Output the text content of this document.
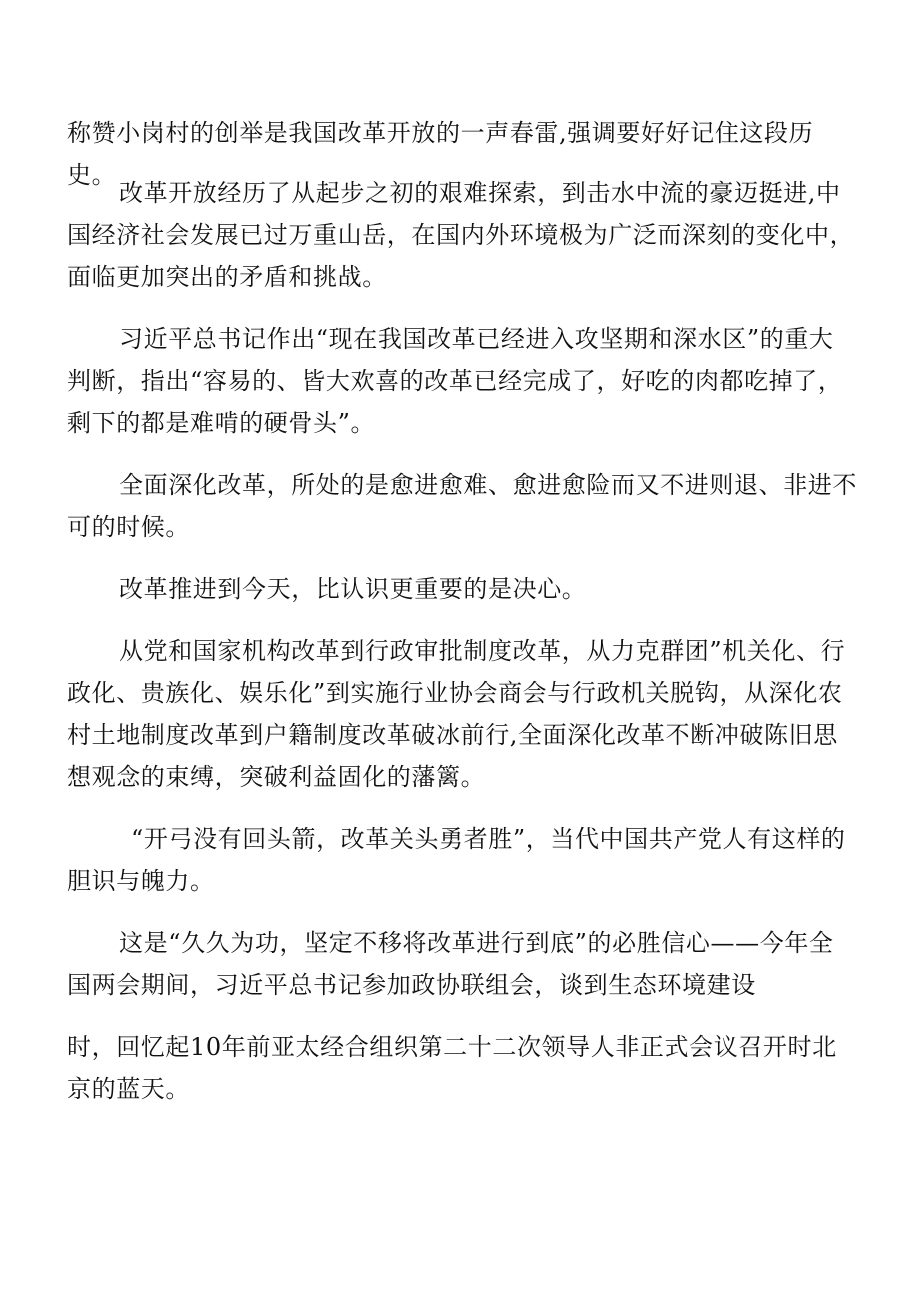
称赞小岗村的创举是我国改革开放的一声春雷,强调要好好记住这段历史。

改革开放经历了从起步之初的艰难探索，到击水中流的豪迈挺进,中国经济社会发展已过万重山岳，在国内外环境极为广泛而深刻的变化中，面临更加突出的矛盾和挑战。

习近平总书记作出“现在我国改革已经进入攻坚期和深水区”的重大判断，指出“容易的、皆大欢喜的改革已经完成了，好吃的肉都吃掉了，剩下的都是难啃的硬骨头”。

全面深化改革，所处的是愈进愈难、愈进愈险而又不进则退、非进不可的时候。

改革推进到今天，比认识更重要的是决心。

从党和国家机构改革到行政审批制度改革，从力克群团”机关化、行政化、贵族化、娱乐化”到实施行业协会商会与行政机关脱钩，从深化农村土地制度改革到户籍制度改革破冰前行,全面深化改革不断冲破陈旧思想观念的束缚，突破利益固化的藩篱。

“开弓没有回头箭，改革关头勇者胜”，当代中国共产党人有这样的胆识与魄力。

这是“久久为功，坚定不移将改革进行到底”的必胜信心——今年全国两会期间，习近平总书记参加政协联组会，谈到生态环境建设

时，回忆起10年前亚太经合组织第二十二次领导人非正式会议召开时北京的蓝天。
